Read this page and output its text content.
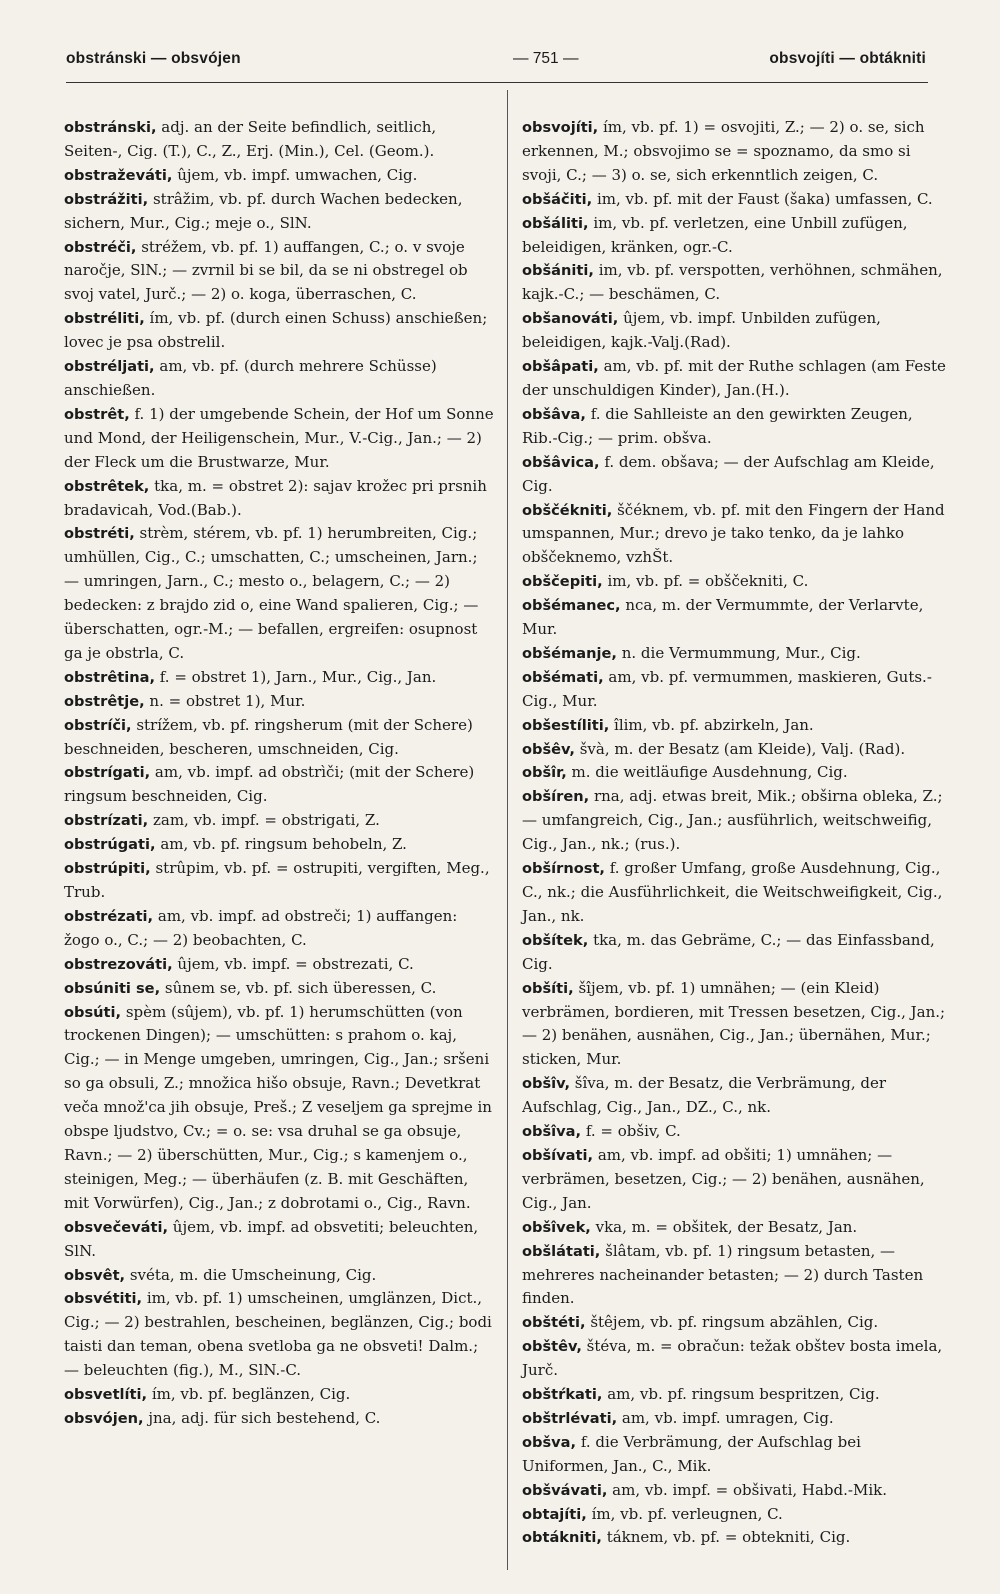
obstránski — obsvójen	— 751 —	obsvojíti — obtákniti

obstránski, adj. an der Seite befindlich, seitlich, Seiten-, Cig. (T.), C., Z., Erj. (Min.), Cel. (Geom.).

obstraževáti, ûjem, vb. impf. umwachen, Cig.

obstrážiti, strâžim, vb. pf. durch Wachen bedecken, sichern, Mur., Cig.; meje o., SlN.

obstréči, stréžem, vb. pf. 1) auffangen, C.; o. v svoje naročje, SlN.; — zvrnil bi se bil, da se ni obstregel ob svoj vatel, Jurč.; — 2) o. koga, überraschen, C.

obstréliti, ím, vb. pf. (durch einen Schuss) anschießen; lovec je psa obstrelil.

obstréljati, am, vb. pf. (durch mehrere Schüsse) anschießen.

obstrêt, f. 1) der umgebende Schein, der Hof um Sonne und Mond, der Heiligenschein, Mur., V.-Cig., Jan.; — 2) der Fleck um die Brustwarze, Mur.

obstrêtek, tka, m. = obstret 2): sajav krožec pri prsnih bradavicah, Vod.(Bab.).

obstréti, strèm, stérem, vb. pf. 1) herumbreiten, Cig.; umhüllen, Cig., C.; umschatten, C.; umscheinen, Jarn.; — umringen, Jarn., C.; mesto o., belagern, C.; — 2) bedecken: z brajdo zid o, eine Wand spalieren, Cig.; — überschatten, ogr.-M.; — befallen, ergreifen: osupnost ga je obstrla, C.

obstrêtina, f. = obstret 1), Jarn., Mur., Cig., Jan.

obstrêtje, n. = obstret 1), Mur.

obstríči, strížem, vb. pf. ringsherum (mit der Schere) beschneiden, bescheren, umschneiden, Cig.

obstrígati, am, vb. impf. ad obstrìči; (mit der Schere) ringsum beschneiden, Cig.

obstrízati, zam, vb. impf. = obstrigati, Z.

obstrúgati, am, vb. pf. ringsum behobeln, Z.

obstrúpiti, strûpim, vb. pf. = ostrupiti, vergiften, Meg., Trub.

obstrézati, am, vb. impf. ad obstreči; 1) auffangen: žogo o., C.; — 2) beobachten, C.

obstrezováti, ûjem, vb. impf. = obstrezati, C.

obsúniti se, sûnem se, vb. pf. sich überessen, C.

obsúti, spèm (sûjem), vb. pf. 1) herumschütten (von trockenen Dingen); — umschütten: s prahom o. kaj, Cig.; — in Menge umgeben, umringen, Cig., Jan.; sršeni so ga obsuli, Z.; množica hišo obsuje, Ravn.; Devetkrat veča množ'ca jih obsuje, Preš.; Z veseljem ga sprejme in obspe ljudstvo, Cv.; = o. se: vsa druhal se ga obsuje, Ravn.; — 2) überschütten, Mur., Cig.; s kamenjem o., steinigen, Meg.; — überhäufen (z. B. mit Geschäften, mit Vorwürfen), Cig., Jan.; z dobrotami o., Cig., Ravn.

obsvečeváti, ûjem, vb. impf. ad obsvetiti; beleuchten, SlN.

obsvêt, svéta, m. die Umscheinung, Cig.

obsvétiti, im, vb. pf. 1) umscheinen, umglänzen, Dict., Cig.; — 2) bestrahlen, bescheinen, beglänzen, Cig.; bodi taisti dan teman, obena svetloba ga ne obsveti! Dalm.; — beleuchten (fig.), M., SlN.-C.

obsvetlíti, ím, vb. pf. beglänzen, Cig.

obsvójen, jna, adj. für sich bestehend, C.

obsvojíti, ím, vb. pf. 1) = osvojiti, Z.; — 2) o. se, sich erkennen, M.; obsvojimo se = spoznamo, da smo si svoji, C.; — 3) o. se, sich erkenntlich zeigen, C.

obšáčiti, im, vb. pf. mit der Faust (šaka) umfassen, C.

obšáliti, im, vb. pf. verletzen, eine Unbill zufügen, beleidigen, kränken, ogr.-C.

obšániti, im, vb. pf. verspotten, verhöhnen, schmähen, kajk.-C.; — beschämen, C.

obšanováti, ûjem, vb. impf. Unbilden zufügen, beleidigen, kajk.-Valj.(Rad).

obšâpati, am, vb. pf. mit der Ruthe schlagen (am Feste der unschuldigen Kinder), Jan.(H.).

obšâva, f. die Sahlleiste an den gewirkten Zeugen, Rib.-Cig.; — prim. obšva.

obšâvica, f. dem. obšava; — der Aufschlag am Kleide, Cig.

obščékniti, ščéknem, vb. pf. mit den Fingern der Hand umspannen, Mur.; drevo je tako tenko, da je lahko obščeknemo, vzhŠt.

obščepiti, im, vb. pf. = obščekniti, C.

obšémanec, nca, m. der Vermummte, der Verlarvte, Mur.

obšémanje, n. die Vermummung, Mur., Cig.

obšémati, am, vb. pf. vermummen, maskieren, Guts.-Cig., Mur.

obšestíliti, îlim, vb. pf. abzirkeln, Jan.

obšêv, švà, m. der Besatz (am Kleide), Valj. (Rad).

obšîr, m. die weitläufige Ausdehnung, Cig.

obšíren, rna, adj. etwas breit, Mik.; obširna obleka, Z.; — umfangreich, Cig., Jan.; ausführlich, weitschweifig, Cig., Jan., nk.; (rus.).

obšírnost, f. großer Umfang, große Ausdehnung, Cig., C., nk.; die Ausführlichkeit, die Weitschweifigkeit, Cig., Jan., nk.

obšítek, tka, m. das Gebräme, C.; — das Einfassband, Cig.

obšíti, šîjem, vb. pf. 1) umnähen; — (ein Kleid) verbrämen, bordieren, mit Tressen besetzen, Cig., Jan.; — 2) benähen, ausnähen, Cig., Jan.; übernähen, Mur.; sticken, Mur.

obšîv, šîva, m. der Besatz, die Verbrämung, der Aufschlag, Cig., Jan., DZ., C., nk.

obšîva, f. = obšiv, C.

obšívati, am, vb. impf. ad obšiti; 1) umnähen; — verbrämen, besetzen, Cig.; — 2) benähen, ausnähen, Cig., Jan.

obšîvek, vka, m. = obšitek, der Besatz, Jan.

obšlátati, šlâtam, vb. pf. 1) ringsum betasten, — mehreres nacheinander betasten; — 2) durch Tasten finden.

obštéti, štêjem, vb. pf. ringsum abzählen, Cig.

obštêv, štéva, m. = obračun: težak obštev bosta imela, Jurč.

obštŕkati, am, vb. pf. ringsum bespritzen, Cig.

obštrlévati, am, vb. impf. umragen, Cig.

obšva, f. die Verbrämung, der Aufschlag bei Uniformen, Jan., C., Mik.

obšvávati, am, vb. impf. = obšivati, Habd.-Mik.

obtajíti, ím, vb. pf. verleugnen, C.

obtákniti, táknem, vb. pf. = obtekniti, Cig.
